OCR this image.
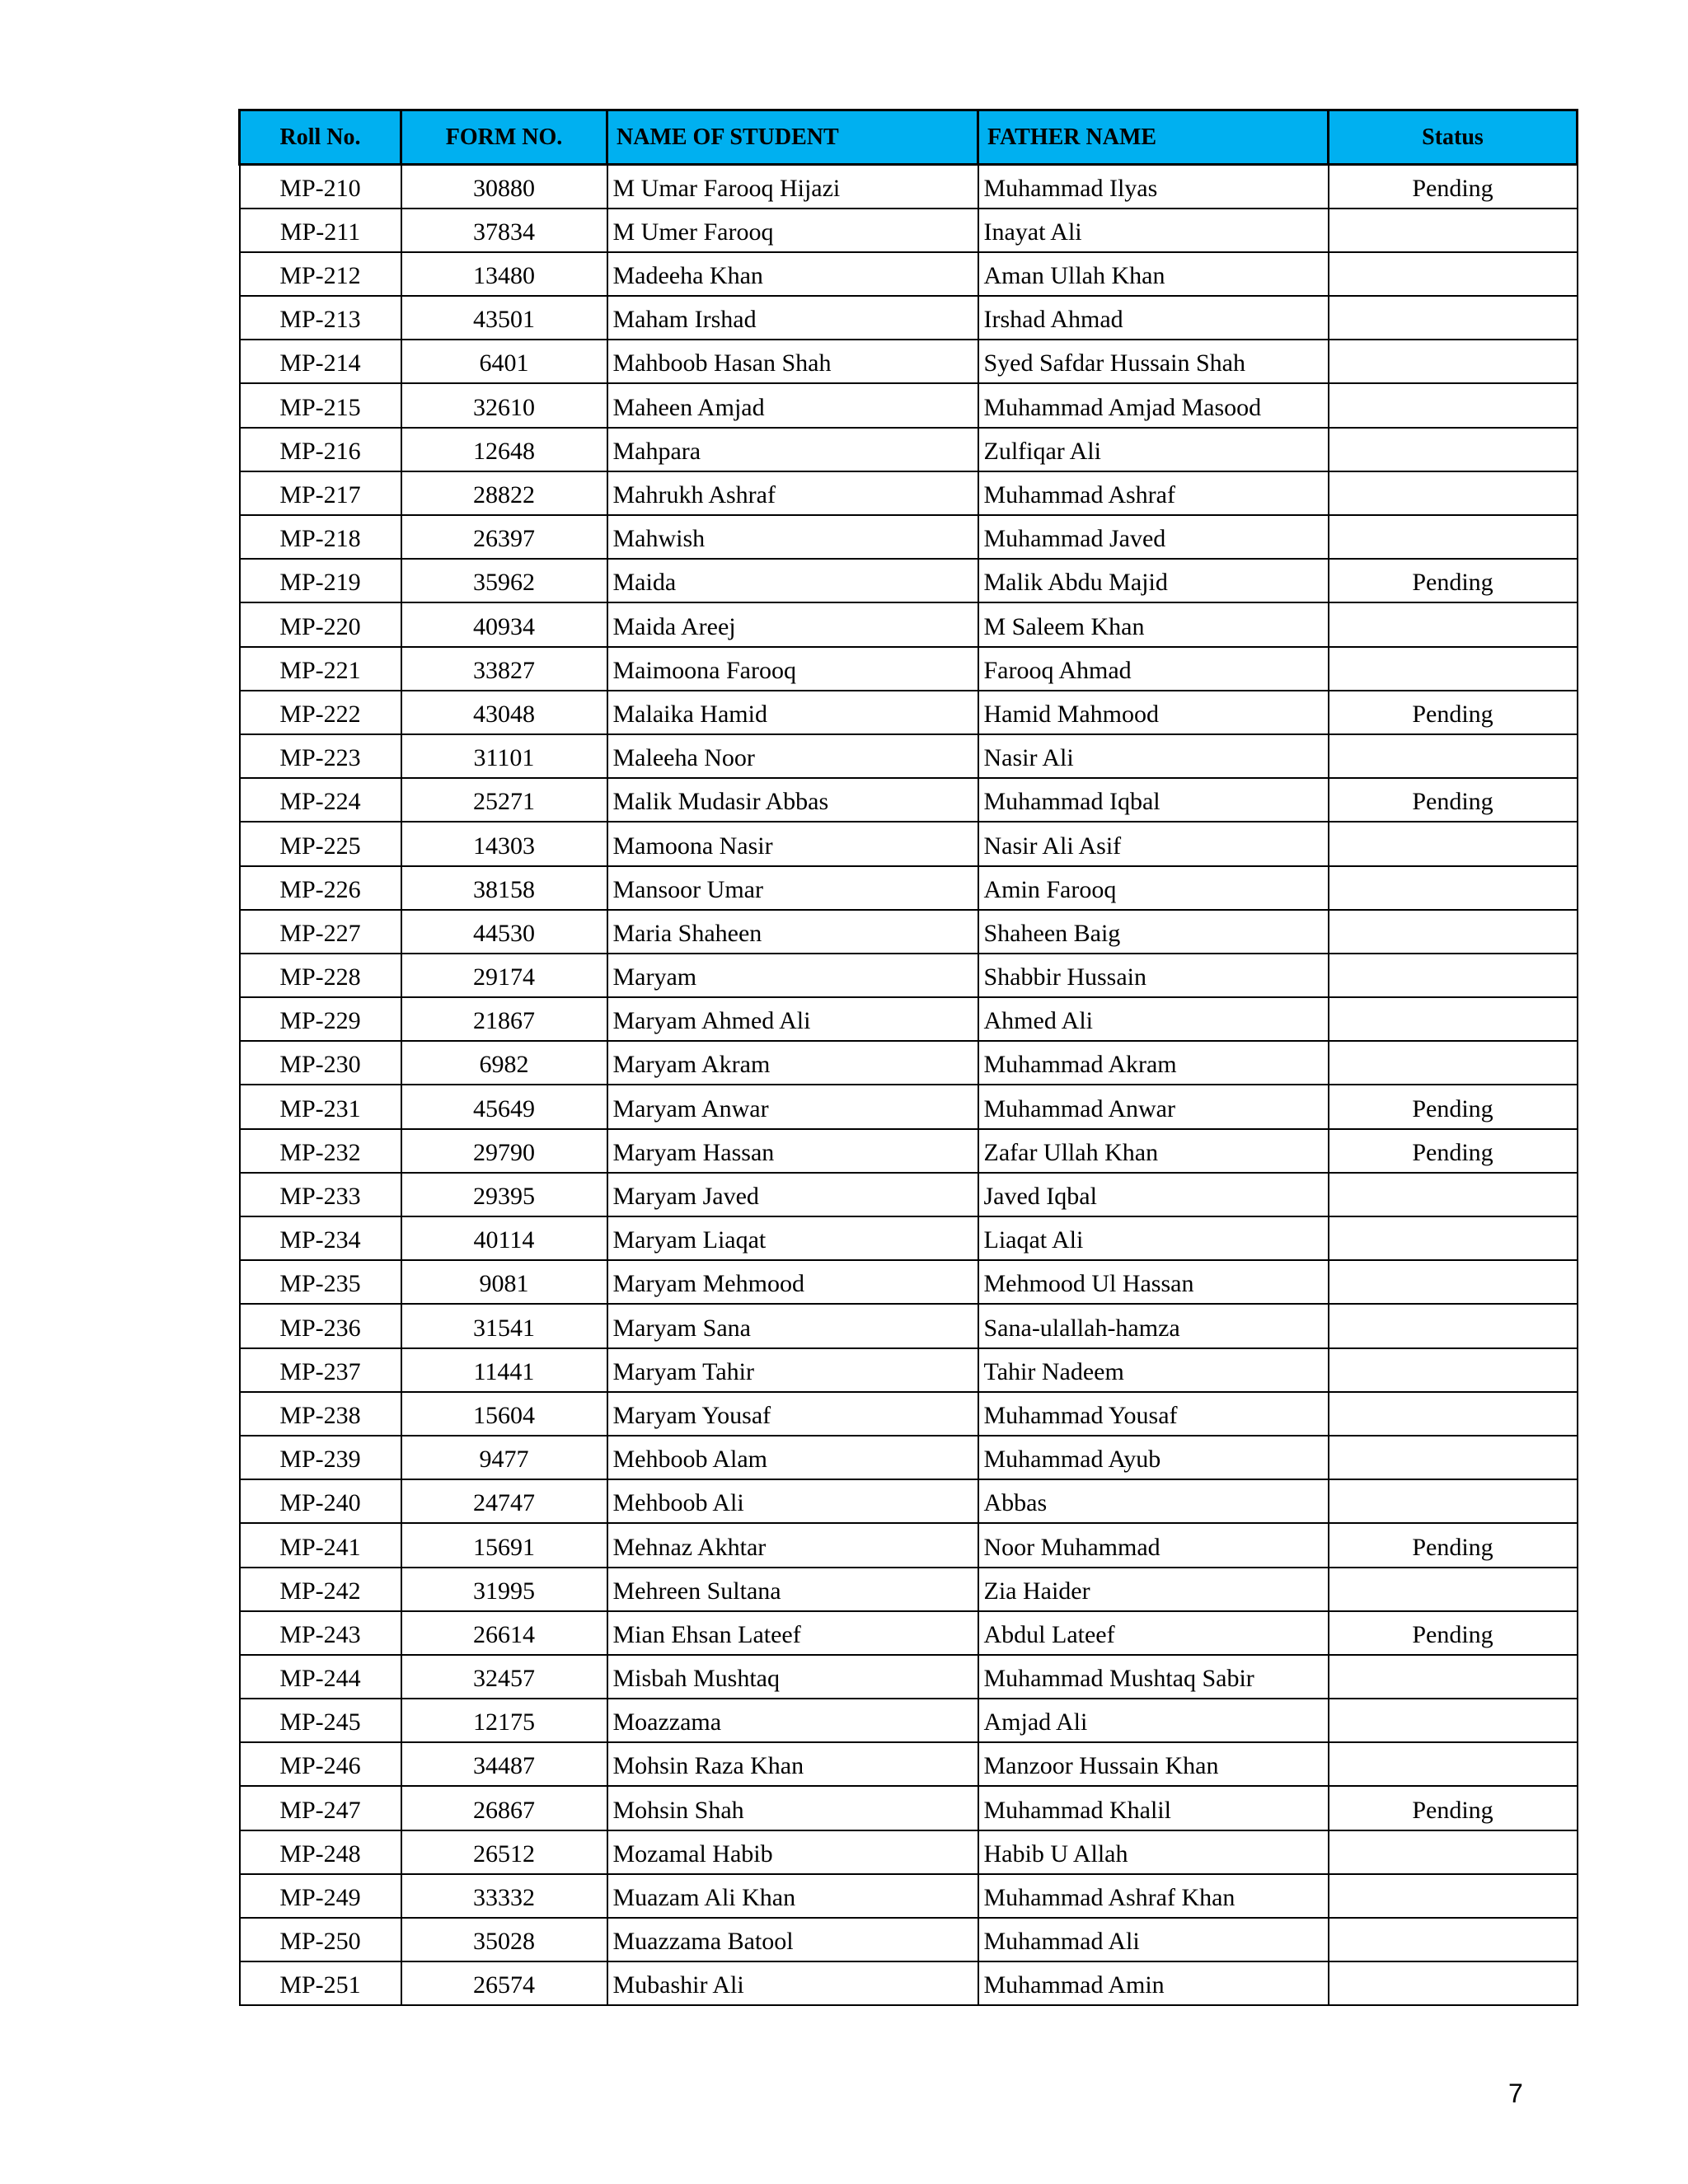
Roll No.	FORM NO.	NAME OF STUDENT	FATHER NAME	Status
MP-210	30880	M Umar Farooq Hijazi	Muhammad Ilyas	Pending
MP-211	37834	M Umer Farooq	Inayat Ali	
MP-212	13480	Madeeha Khan	Aman Ullah Khan	
MP-213	43501	Maham Irshad	Irshad Ahmad	
MP-214	6401	Mahboob Hasan Shah	Syed Safdar Hussain Shah	
MP-215	32610	Maheen Amjad	Muhammad Amjad Masood	
MP-216	12648	Mahpara	Zulfiqar Ali	
MP-217	28822	Mahrukh Ashraf	Muhammad Ashraf	
MP-218	26397	Mahwish	Muhammad Javed	
MP-219	35962	Maida	Malik Abdu Majid	Pending
MP-220	40934	Maida Areej	M Saleem Khan	
MP-221	33827	Maimoona Farooq	Farooq Ahmad	
MP-222	43048	Malaika Hamid	Hamid Mahmood	Pending
MP-223	31101	Maleeha Noor	Nasir Ali	
MP-224	25271	Malik Mudasir Abbas	Muhammad Iqbal	Pending
MP-225	14303	Mamoona Nasir	Nasir Ali Asif	
MP-226	38158	Mansoor Umar	Amin Farooq	
MP-227	44530	Maria Shaheen	Shaheen Baig	
MP-228	29174	Maryam	Shabbir Hussain	
MP-229	21867	Maryam Ahmed Ali	Ahmed Ali	
MP-230	6982	Maryam Akram	Muhammad Akram	
MP-231	45649	Maryam Anwar	Muhammad Anwar	Pending
MP-232	29790	Maryam Hassan	Zafar Ullah Khan	Pending
MP-233	29395	Maryam Javed	Javed Iqbal	
MP-234	40114	Maryam Liaqat	Liaqat Ali	
MP-235	9081	Maryam Mehmood	Mehmood Ul Hassan	
MP-236	31541	Maryam Sana	Sana-ulallah-hamza	
MP-237	11441	Maryam Tahir	Tahir Nadeem	
MP-238	15604	Maryam Yousaf	Muhammad Yousaf	
MP-239	9477	Mehboob Alam	Muhammad Ayub	
MP-240	24747	Mehboob Ali	Abbas	
MP-241	15691	Mehnaz Akhtar	Noor Muhammad	Pending
MP-242	31995	Mehreen Sultana	Zia Haider	
MP-243	26614	Mian Ehsan Lateef	Abdul Lateef	Pending
MP-244	32457	Misbah Mushtaq	Muhammad Mushtaq Sabir	
MP-245	12175	Moazzama	Amjad Ali	
MP-246	34487	Mohsin Raza Khan	Manzoor Hussain Khan	
MP-247	26867	Mohsin Shah	Muhammad Khalil	Pending
MP-248	26512	Mozamal Habib	Habib U Allah	
MP-249	33332	Muazam Ali Khan	Muhammad Ashraf Khan	
MP-250	35028	Muazzama Batool	Muhammad Ali	
MP-251	26574	Mubashir Ali	Muhammad Amin	
7
